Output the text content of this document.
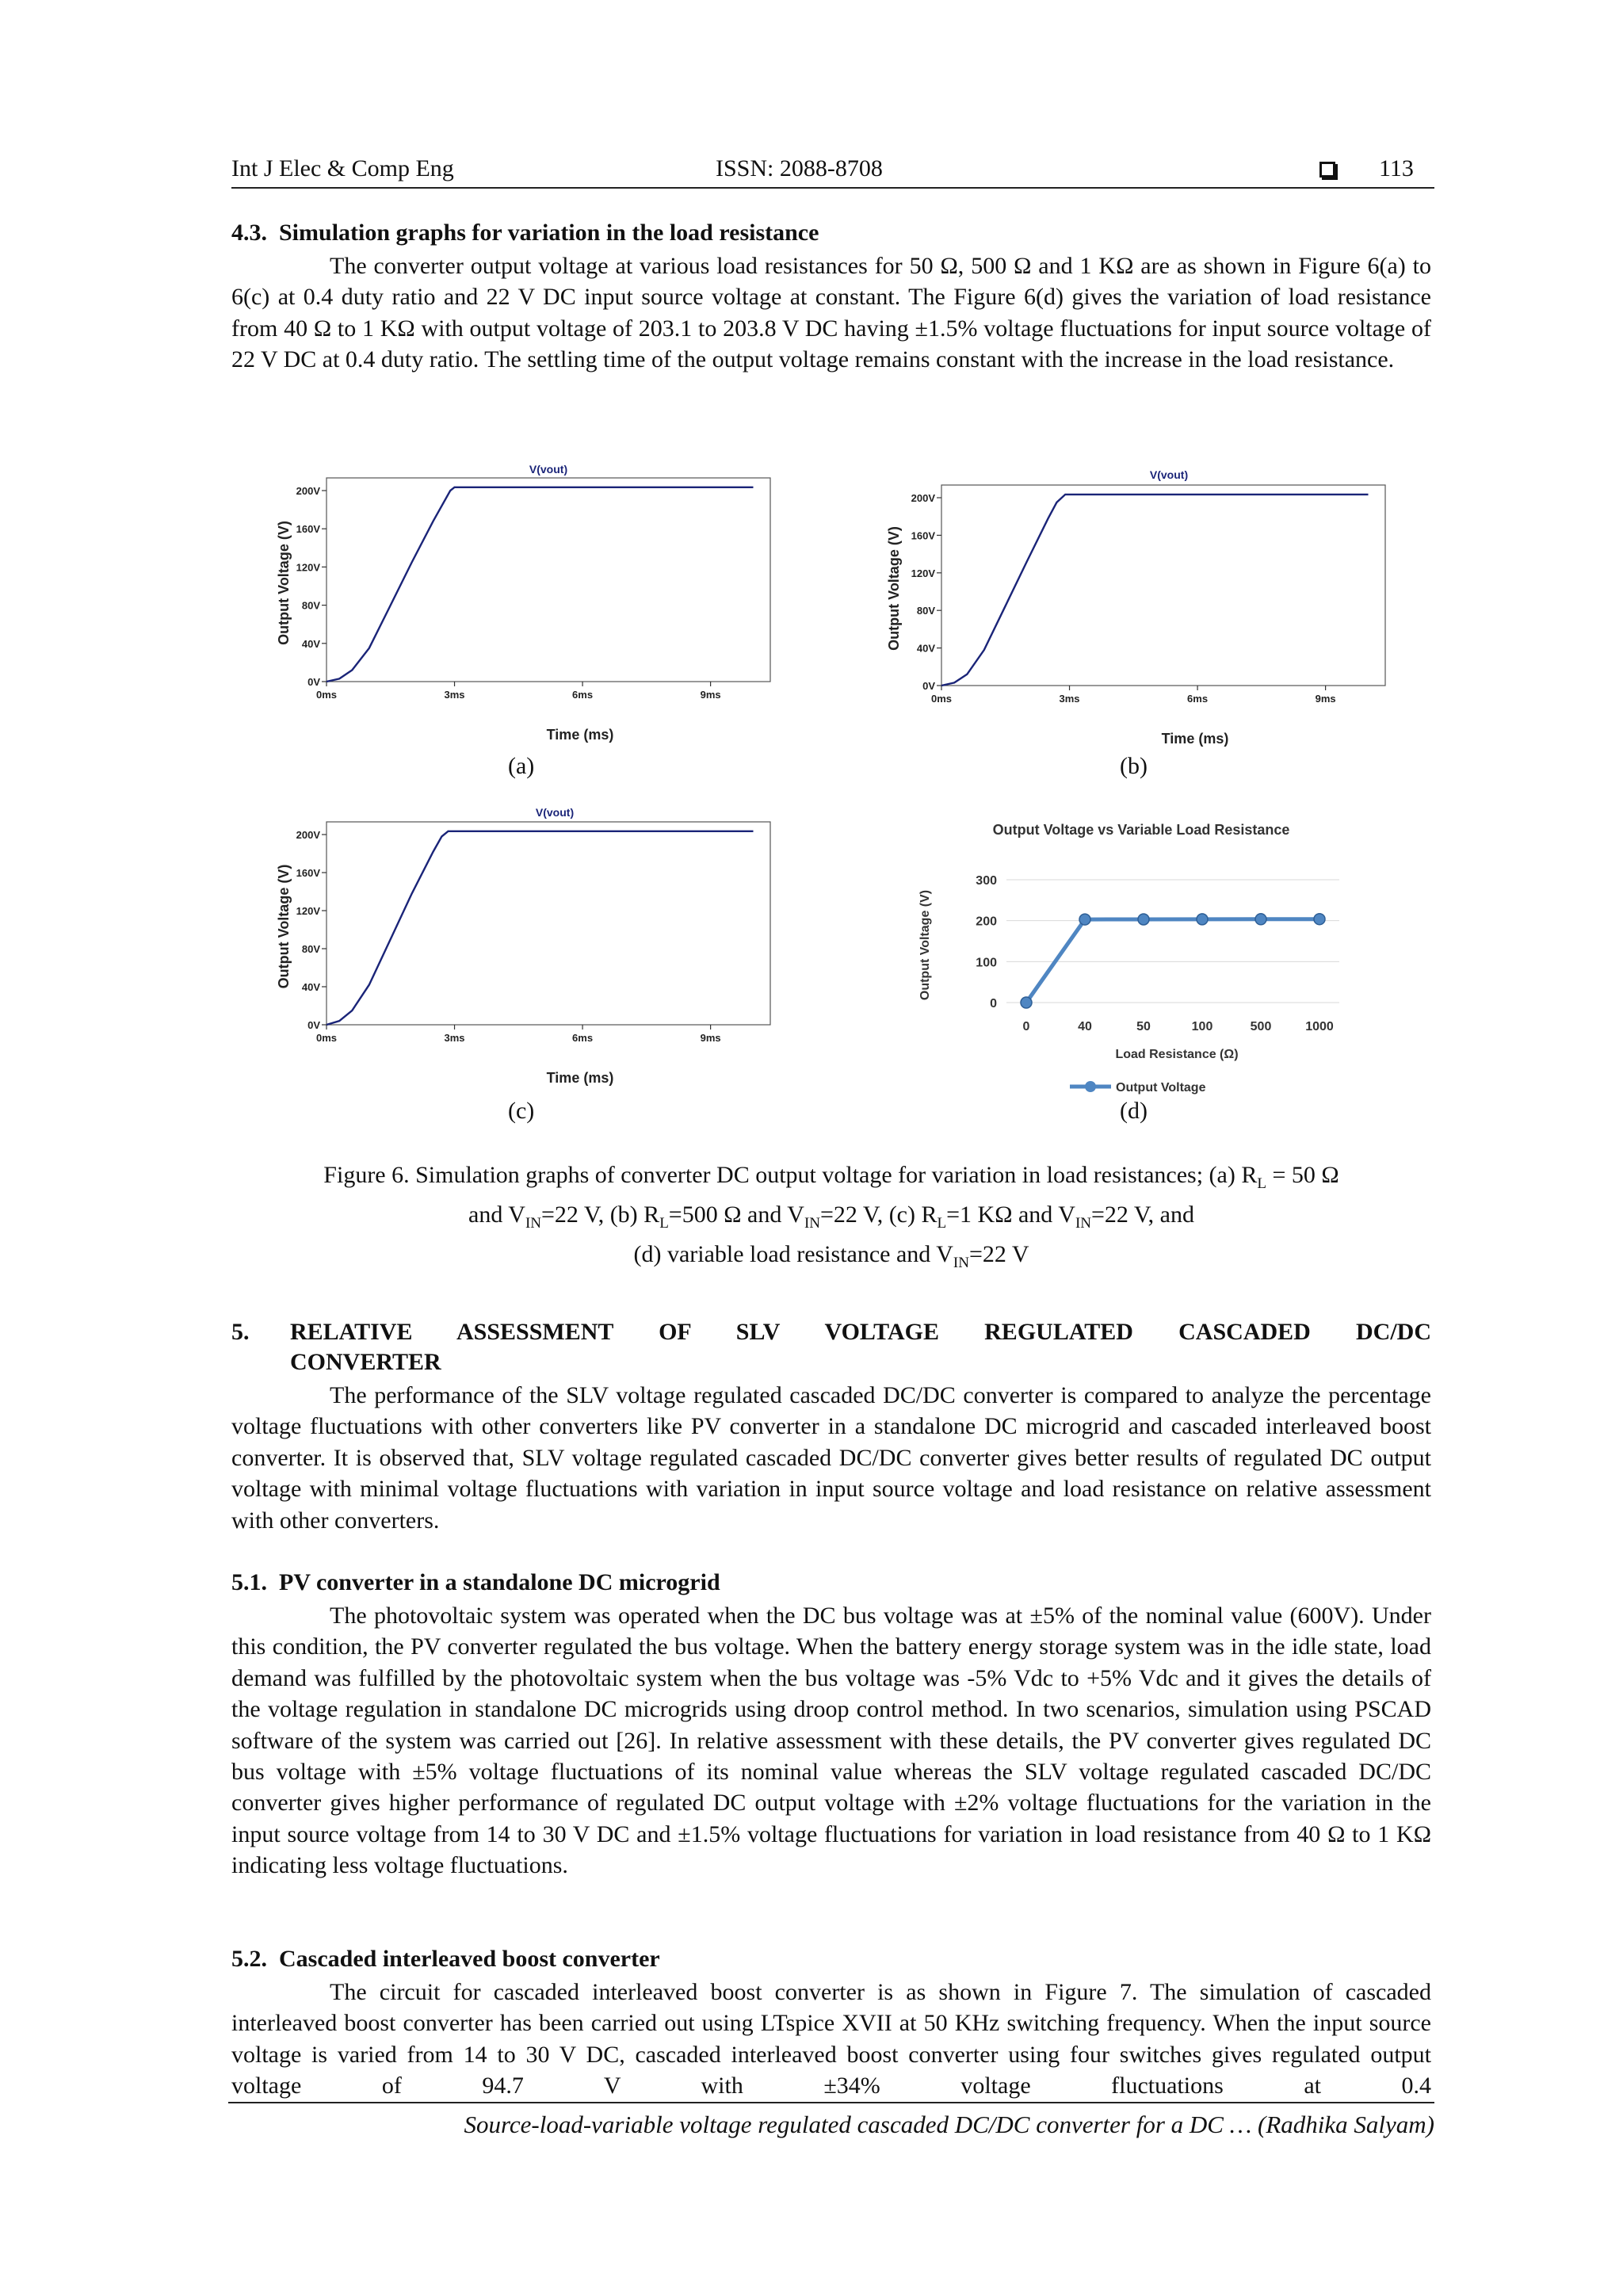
Int J Elec & Comp Eng	ISSN: 2088-8708	113
4.3. Simulation graphs for variation in the load resistance

The converter output voltage at various load resistances for 50 Ω, 500 Ω and 1 KΩ are as shown in Figure 6(a) to 6(c) at 0.4 duty ratio and 22 V DC input source voltage at constant. The Figure 6(d) gives the variation of load resistance from 40 Ω to 1 KΩ with output voltage of 203.1 to 203.8 V DC having ±1.5% voltage fluctuations for input source voltage of 22 V DC at 0.4 duty ratio. The settling time of the output voltage remains constant with the increase in the load resistance.

V(vout)
200V
160V
120V
80V
40V
0V
0ms	3ms	6ms	9ms
Time (ms)
Output Voltage (V)
(a)
V(vout)
200V
160V
120V
80V
40V
0V
0ms	3ms	6ms	9ms
Time (ms)
Output Voltage (V)
(b)
V(vout)
200V
160V
120V
80V
40V
0V
0ms	3ms	6ms	9ms
Time (ms)
Output Voltage (V)
(c)
Output Voltage vs Variable Load Resistance
300
200
100
0
0	40	50	100	500	1000
Load Resistance (Ω)
Output Voltage (V)
Output Voltage
(d)
Figure 6. Simulation graphs of converter DC output voltage for variation in load resistances; (a) $R_L = 50$ Ω
and $V_{IN}=22$ V, (b) $R_L=500$ Ω and $V_{IN}=22$ V, (c) $R_L=1$ KΩ and $V_{IN}=22$ V, and
(d) variable load resistance and $V_{IN}=22$ V
5. RELATIVE ASSESSMENT OF SLV VOLTAGE REGULATED CASCADED DC/DC
CONVERTER

The performance of the SLV voltage regulated cascaded DC/DC converter is compared to analyze the percentage voltage fluctuations with other converters like PV converter in a standalone DC microgrid and cascaded interleaved boost converter. It is observed that, SLV voltage regulated cascaded DC/DC converter gives better results of regulated DC output voltage with minimal voltage fluctuations with variation in input source voltage and load resistance on relative assessment with other converters.

5.1. PV converter in a standalone DC microgrid

The photovoltaic system was operated when the DC bus voltage was at ±5% of the nominal value (600V). Under this condition, the PV converter regulated the bus voltage. When the battery energy storage system was in the idle state, load demand was fulfilled by the photovoltaic system when the bus voltage was -5% Vdc to +5% Vdc and it gives the details of the voltage regulation in standalone DC microgrids using droop control method. In two scenarios, simulation using PSCAD software of the system was carried out [26]. In relative assessment with these details, the PV converter gives regulated DC bus voltage with ±5% voltage fluctuations of its nominal value whereas the SLV voltage regulated cascaded DC/DC converter gives higher performance of regulated DC output voltage with ±2% voltage fluctuations for the variation in the input source voltage from 14 to 30 V DC and ±1.5% voltage fluctuations for variation in load resistance from 40 Ω to 1 KΩ indicating less voltage fluctuations.

5.2. Cascaded interleaved boost converter

The circuit for cascaded interleaved boost converter is as shown in Figure 7. The simulation of cascaded interleaved boost converter has been carried out using LTspice XVII at 50 KHz switching frequency. When the input source voltage is varied from 14 to 30 V DC, cascaded interleaved boost converter using four switches gives regulated output voltage of 94.7 V with ±34% voltage fluctuations at 0.4

Source-load-variable voltage regulated cascaded DC/DC converter for a DC … (Radhika Salyam)
